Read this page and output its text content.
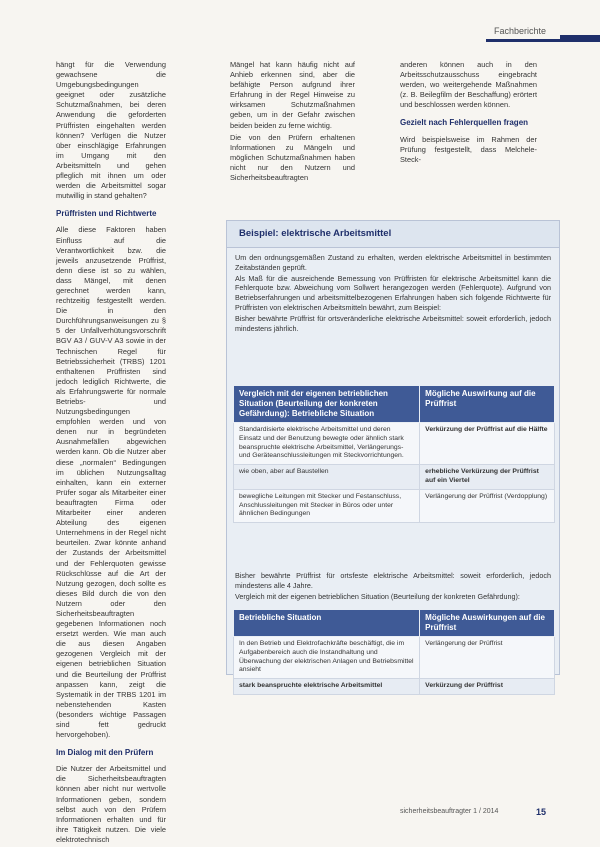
Fachberichte

hängt für die Verwendung gewachsene die Umgebungsbedingungen geeignet oder zusätzliche Schutzmaßnahmen, bei deren Anwendung die geforderten Prüffristen eingehalten werden können? Verfügen die Nutzer über einschlägige Erfahrungen im Umgang mit den Arbeitsmitteln und gehen pfleglich mit ihnen um oder werden die Arbeitsmittel sogar mutwillig in stand gehalten?

Prüffristen und Richtwerte

Alle diese Faktoren haben Einfluss auf die Verantwortlichkeit bzw. die jeweils anzusetzende Prüffrist, denn diese ist so zu wählen, dass Mängel, mit denen gerechnet werden kann, rechtzeitig festgestellt werden. Die in den Durchführungsanweisungen zu § 5 der Unfallverhütungsvorschrift BGV A3 / GUV-V A3 sowie in der Technischen Regel für Betriebssicherheit (TRBS) 1201 enthaltenen Prüffristen sind jedoch lediglich Richtwerte, die als Erfahrungswerte für normale Betriebs- und Nutzungsbedingungen empfohlen werden und von denen nur in begründeten Ausnahmefällen abgewichen werden kann. Ob die Nutzer aber diese „normalen“ Bedingungen im üblichen Nutzungsalltag einhalten, kann ein externer Prüfer sogar als Mitarbeiter einer beauftragten Firma oder Mitarbeiter einer anderen Abteilung des eigenen Unternehmens in der Regel nicht beurteilen. Zwar könnte anhand der Zustands der Arbeitsmittel und der Fehlerquoten gewisse Rückschlüsse auf die Art der Nutzung gezogen, doch sollte es dieses Bild durch die von den Nutzern oder den Sicherheitsbeauftragten gegebenen Informationen noch ersetzt werden. Wie man auch die aus diesen Angaben gezogenen Vergleich mit der eigenen betrieblichen Situation und die Beurteilung der Prüffrist anpassen kann, zeigt die Systematik in der TRBS 1201 im nebenstehenden Kasten (besonders wichtige Passagen sind fett gedruckt hervorgehoben).

Im Dialog mit den Prüfern

Die Nutzer der Arbeitsmittel und die Sicherheitsbeauftragten können aber nicht nur wertvolle Informationen geben, sondern selbst auch von den Prüfern Informationen erhalten und für ihre Tätigkeit nutzen. Die viele elektrotechnisch

Mängel hat kann häufig nicht auf Anhieb erkennen sind, aber die befähigte Person aufgrund ihrer Erfahrung in der Regel Hinweise zu wirksamen Schutzmaßnahmen geben, um in der Gefahr zwischen beiden beiden zu ferne wichtig.

Die von den Prüfern erhaltenen Informationen zu Mängeln und möglichen Schutzmaßnahmen haben nicht nur den Nutzern und Sicherheitsbeauftragten

anderen können auch in den Arbeitsschutzausschuss eingebracht werden, wo weitergehende Maßnahmen (z. B. Beilegfilm der Beschaffung) erörtert und beschlossen werden können.

Gezielt nach Fehlerquellen fragen

Wird beispielsweise im Rahmen der Prüfung festgestellt, dass Melchele-Steck-

Beispiel: elektrische Arbeitsmittel

Um den ordnungsgemäßen Zustand zu erhalten, werden elektrische Arbeitsmittel in bestimmten Zeitabständen geprüft.

Als Maß für die ausreichende Bemessung von Prüffristen für elektrische Arbeitsmittel kann die Fehlerquote bzw. Abweichung vom Sollwert herangezogen werden (Fehlerquote). Aufgrund von Betriebserfahrungen und arbeitsmittelbezogenen Erfahrungen haben sich folgende Richtwerte für Prüffristen von elektrischen Arbeitsmitteln bewährt, zum Beispiel:

Bisher bewährte Prüffrist für ortsveränderliche elektrische Arbeitsmittel: soweit erforderlich, jedoch mindestens jährlich.

Vergleich mit der eigenen betrieblichen Situation (Beurteilung der konkreten Gefährdung): Betriebliche Situation	Mögliche Auswirkung auf die Prüffrist
Standardisierte elektrische Arbeitsmittel und deren Einsatz und der Benutzung bewegte oder ähnlich stark beanspruchte elektrische Arbeitsmittel, Verlängerungs- und Geräteanschlussleitungen mit Steckvorrichtungen.	Verkürzung der Prüffrist auf die Hälfte
wie oben, aber auf Baustellen	erhebliche Verkürzung der Prüffrist auf ein Viertel
bewegliche Leitungen mit Stecker und Festanschluss, Anschlussleitungen mit Stecker in Büros oder unter ähnlichen Bedingungen	Verlängerung der Prüffrist (Verdopplung)

Bisher bewährte Prüffrist für ortsfeste elektrische Arbeitsmittel: soweit erforderlich, jedoch mindestens alle 4 Jahre.

Vergleich mit der eigenen betrieblichen Situation (Beurteilung der konkreten Gefährdung):

Betriebliche Situation	Mögliche Auswirkungen auf die Prüffrist
In den Betrieb und Elektrofachkräfte beschäftigt, die im Aufgabenbereich auch die Instandhaltung und Überwachung der elektrischen Anlagen und Betriebsmittel ansieht	Verlängerung der Prüffrist
stark beanspruchte elektrische Arbeitsmittel	Verkürzung der Prüffrist
sicherheitsbeauftragter 1 / 2014	15
